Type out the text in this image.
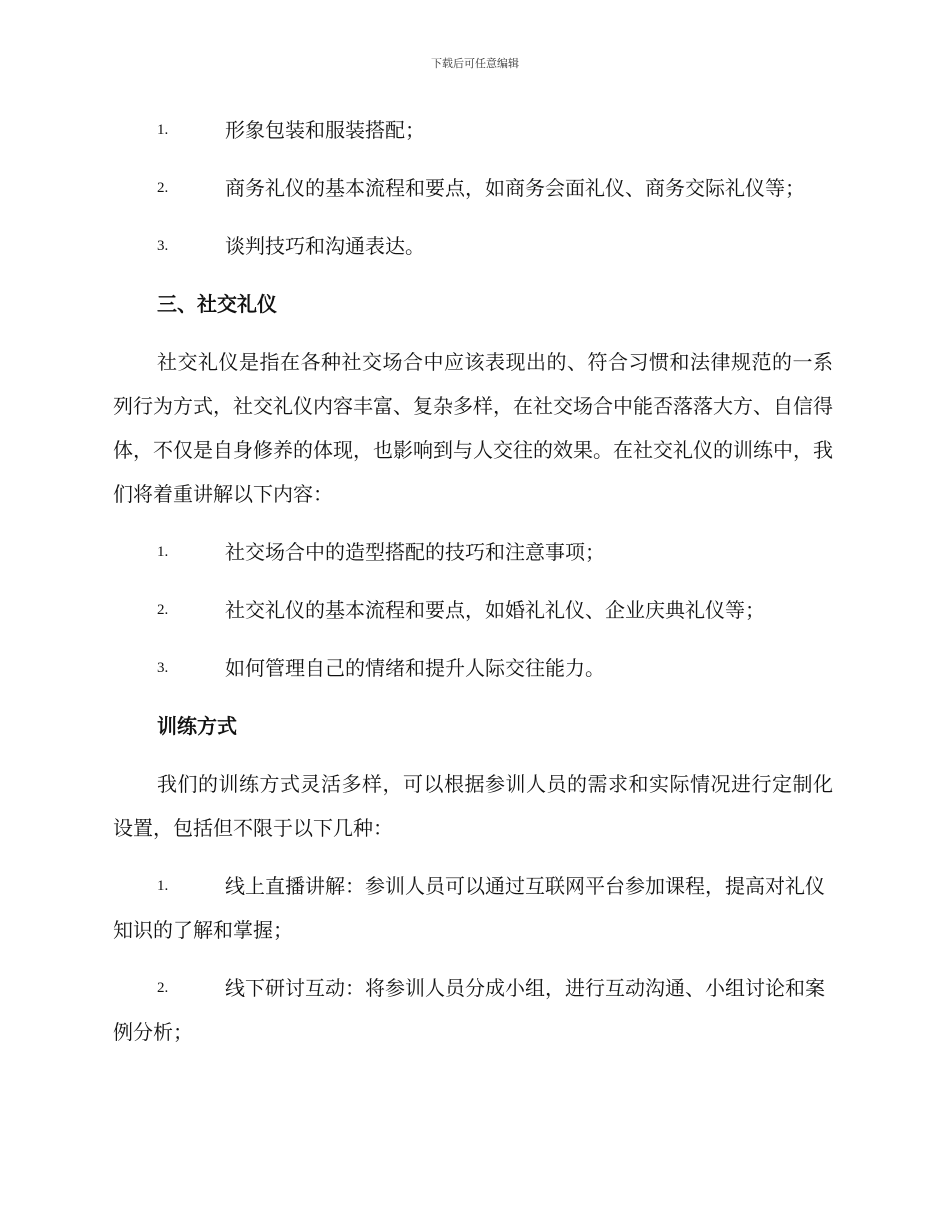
下载后可任意编辑
1.	形象包装和服装搭配；
2.	商务礼仪的基本流程和要点，如商务会面礼仪、商务交际礼仪等；
3.	谈判技巧和沟通表达。
三、社交礼仪
社交礼仪是指在各种社交场合中应该表现出的、符合习惯和法律规范的一系列行为方式，社交礼仪内容丰富、复杂多样，在社交场合中能否落落大方、自信得体，不仅是自身修养的体现，也影响到与人交往的效果。在社交礼仪的训练中，我们将着重讲解以下内容：
1.	社交场合中的造型搭配的技巧和注意事项；
2.	社交礼仪的基本流程和要点，如婚礼礼仪、企业庆典礼仪等；
3.	如何管理自己的情绪和提升人际交往能力。
训练方式
我们的训练方式灵活多样，可以根据参训人员的需求和实际情况进行定制化设置，包括但不限于以下几种：
1.	线上直播讲解：参训人员可以通过互联网平台参加课程，提高对礼仪知识的了解和掌握；
2.	线下研讨互动：将参训人员分成小组，进行互动沟通、小组讨论和案例分析；
